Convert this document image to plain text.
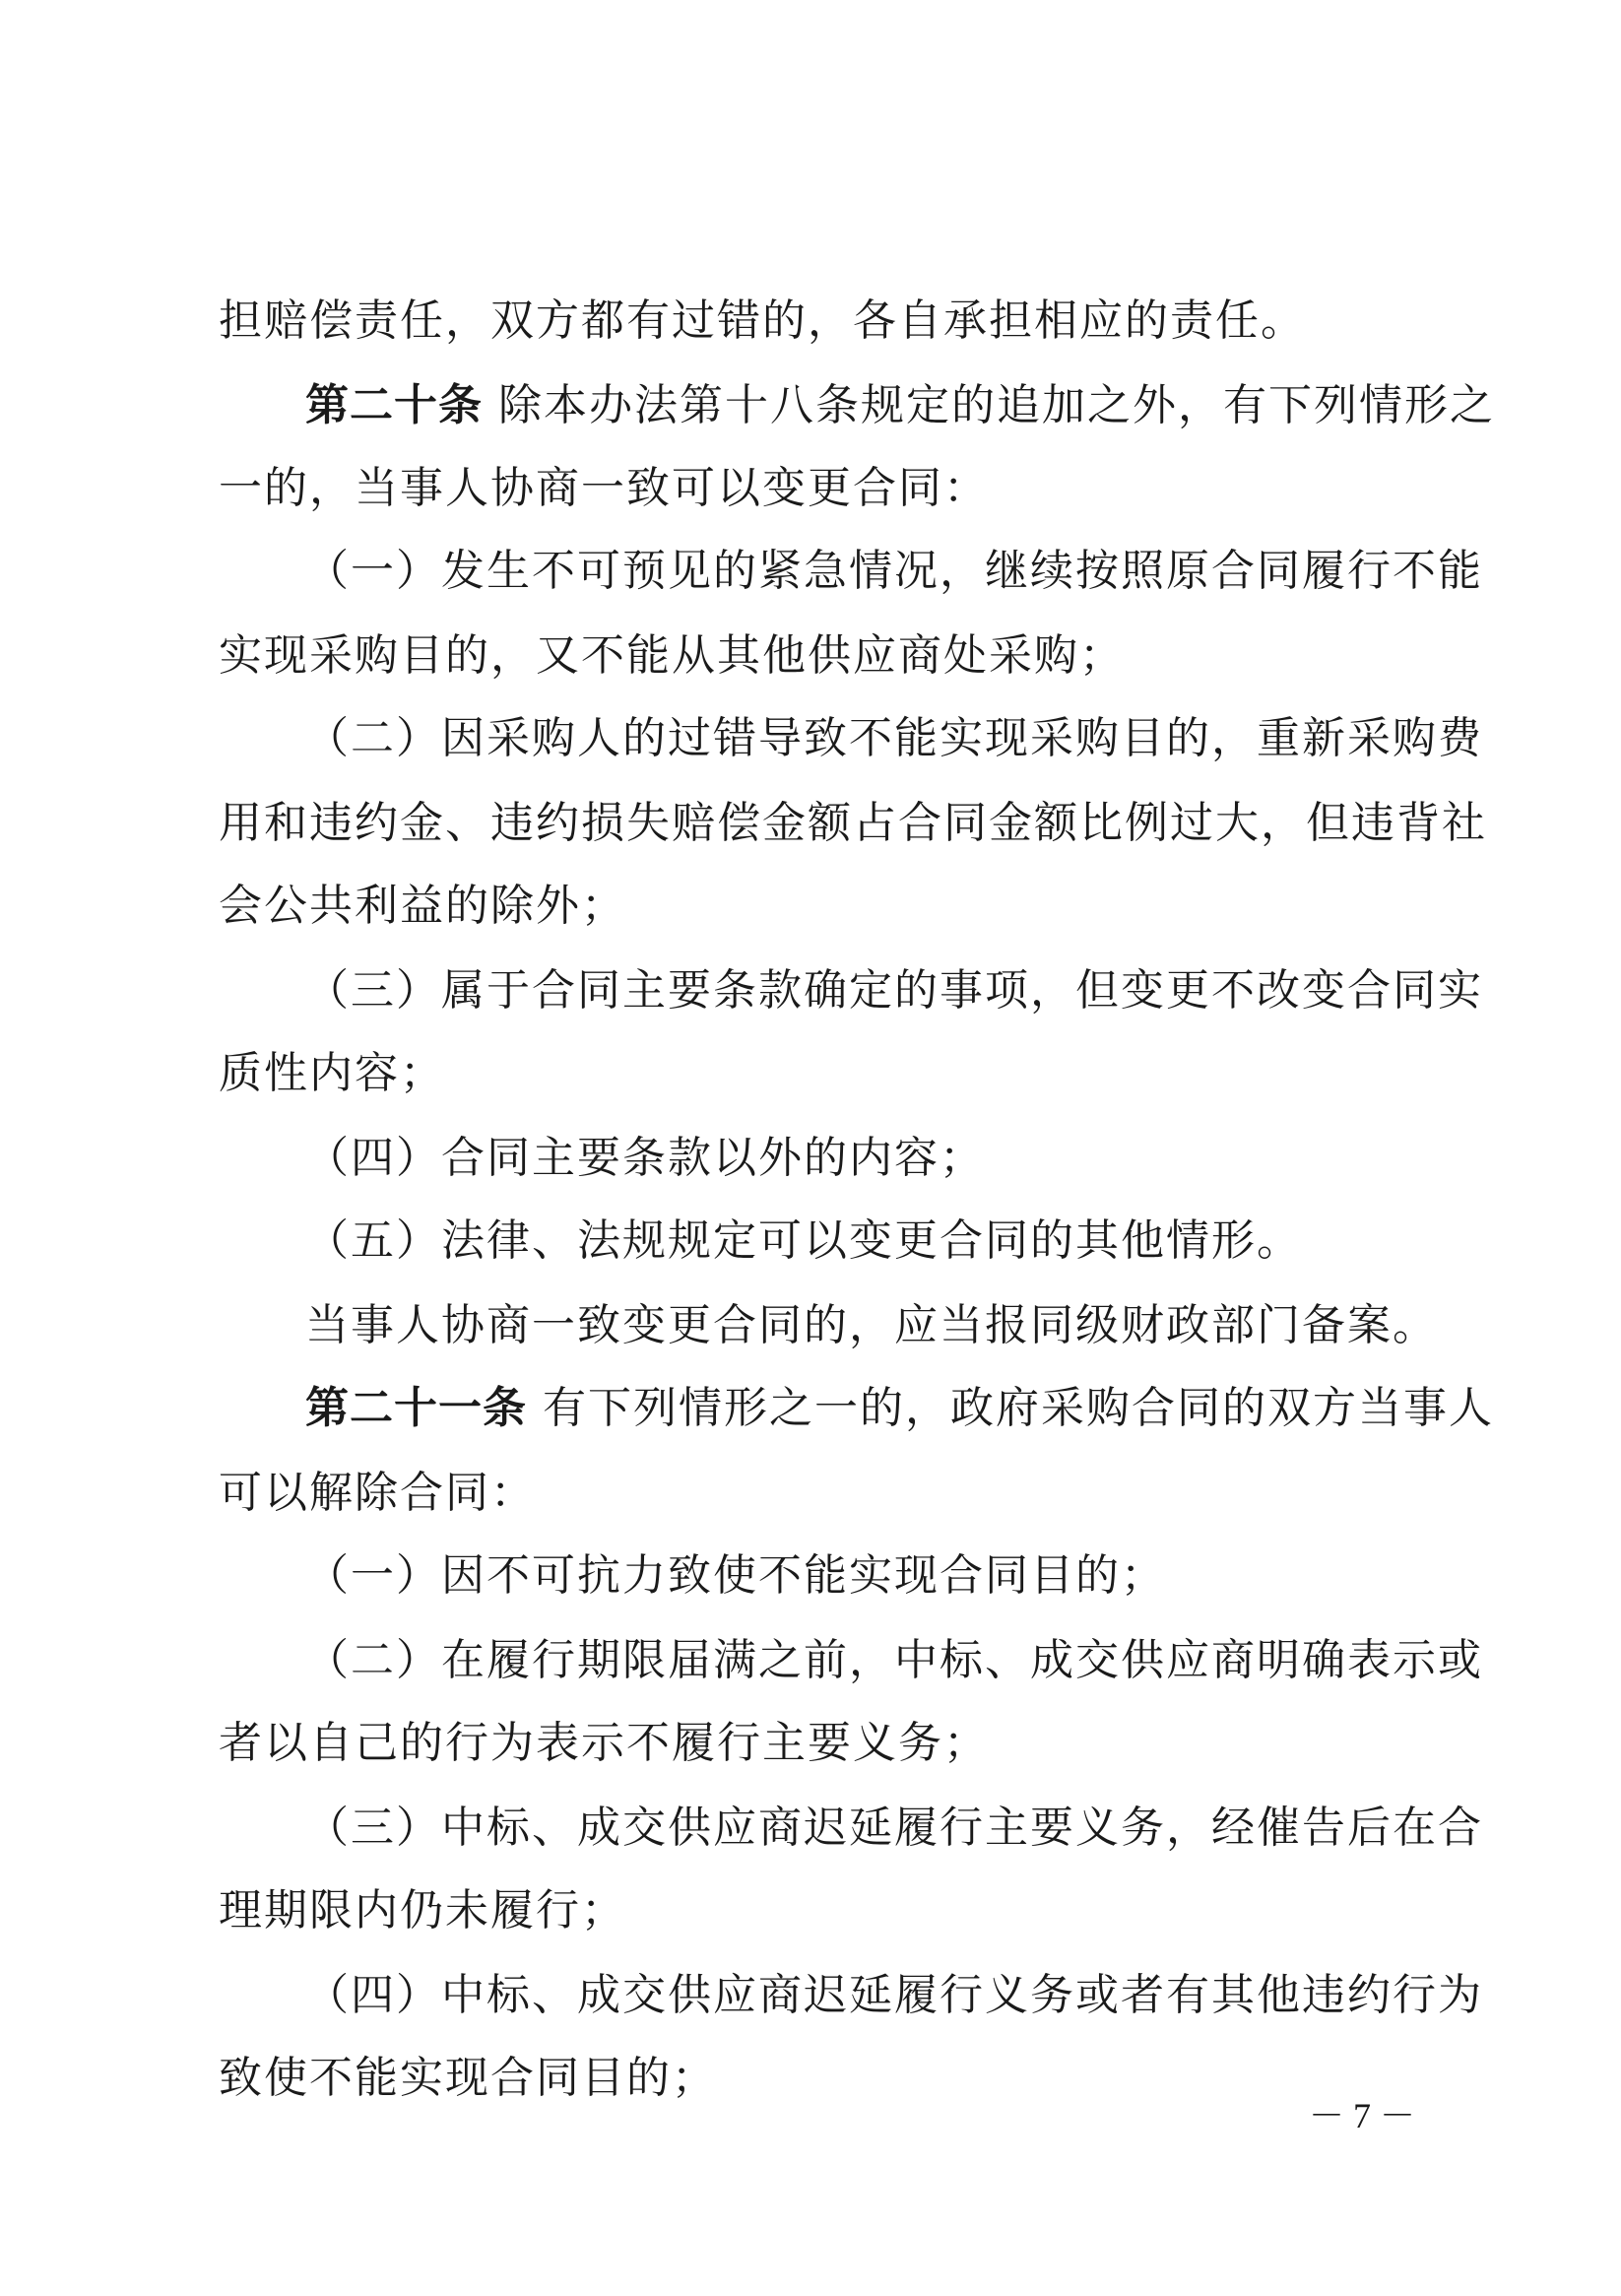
担赔偿责任，双方都有过错的，各自承担相应的责任。
第二十条 除本办法第十八条规定的追加之外，有下列情形之
一的，当事人协商一致可以变更合同：
（一）发生不可预见的紧急情况，继续按照原合同履行不能
实现采购目的，又不能从其他供应商处采购；
（二）因采购人的过错导致不能实现采购目的，重新采购费
用和违约金、违约损失赔偿金额占合同金额比例过大，但违背社
会公共利益的除外；
（三）属于合同主要条款确定的事项，但变更不改变合同实
质性内容；
（四）合同主要条款以外的内容；
（五）法律、法规规定可以变更合同的其他情形。
当事人协商一致变更合同的，应当报同级财政部门备案。
第二十一条 有下列情形之一的，政府采购合同的双方当事人
可以解除合同：
（一）因不可抗力致使不能实现合同目的；
（二）在履行期限届满之前，中标、成交供应商明确表示或
者以自己的行为表示不履行主要义务；
（三）中标、成交供应商迟延履行主要义务，经催告后在合
理期限内仍未履行；
（四）中标、成交供应商迟延履行义务或者有其他违约行为
致使不能实现合同目的；
－ 7 －
